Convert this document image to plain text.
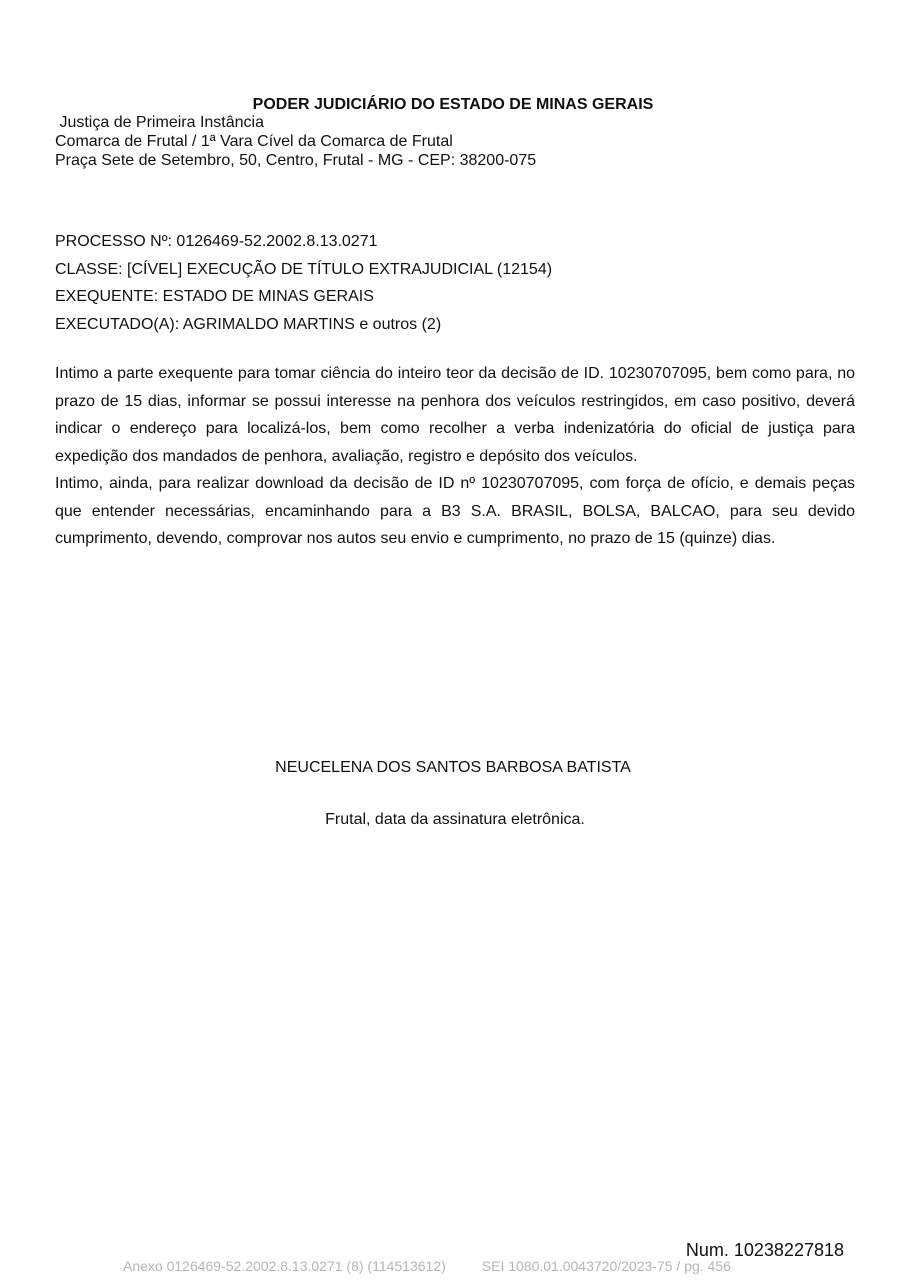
PODER JUDICIÁRIO DO ESTADO DE MINAS GERAIS
Justiça de Primeira Instância
Comarca de Frutal / 1ª Vara Cível da Comarca de Frutal
Praça Sete de Setembro, 50, Centro, Frutal - MG - CEP: 38200-075
PROCESSO Nº: 0126469-52.2002.8.13.0271
CLASSE: [CÍVEL] EXECUÇÃO DE TÍTULO EXTRAJUDICIAL (12154)
EXEQUENTE: ESTADO DE MINAS GERAIS
EXECUTADO(A): AGRIMALDO MARTINS e outros (2)

Intimo a parte exequente para tomar ciência do inteiro teor da decisão de ID. 10230707095, bem como para, no prazo de 15 dias, informar se possui interesse na penhora dos veículos restringidos, em caso positivo, deverá indicar o endereço para localizá-los, bem como recolher a verba indenizatória do oficial de justiça para expedição dos mandados de penhora, avaliação, registro e depósito dos veículos.

Intimo, ainda, para realizar download da decisão de ID nº 10230707095, com força de ofício, e demais peças que entender necessárias, encaminhando para a B3 S.A. BRASIL, BOLSA, BALCAO, para seu devido cumprimento, devendo, comprovar nos autos seu envio e cumprimento, no prazo de 15 (quinze) dias.

NEUCELENA DOS SANTOS BARBOSA BATISTA
Frutal, data da assinatura eletrônica.
Num. 10238227818
Anexo 0126469-52.2002.8.13.0271 (8) (114513612)	SEI 1080.01.0043720/2023-75 / pg. 456
